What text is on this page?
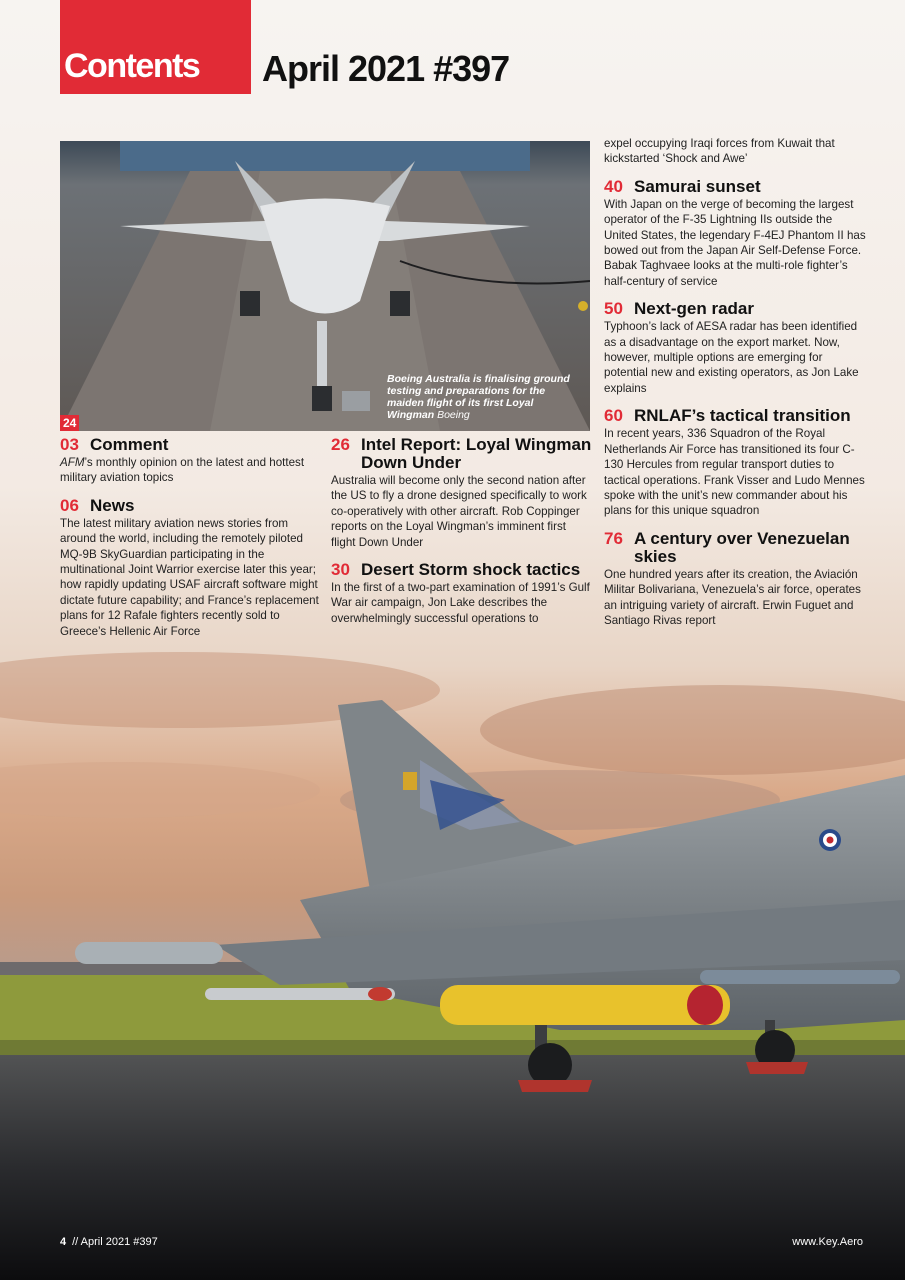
Contents April 2021 #397
Boeing Australia is finalising ground testing and preparations for the maiden flight of its first Loyal Wingman Boeing
24
03 Comment
AFM’s monthly opinion on the latest and hottest military aviation topics
06 News
The latest military aviation news stories from around the world, including the remotely piloted MQ-9B SkyGuardian participating in the multinational Joint Warrior exercise later this year; how rapidly updating USAF aircraft software might dictate future capability; and France’s replacement plans for 12 Rafale fighters recently sold to Greece’s Hellenic Air Force
26 Intel Report: Loyal Wingman Down Under
Australia will become only the second nation after the US to fly a drone designed specifically to work co-operatively with other aircraft. Rob Coppinger reports on the Loyal Wingman’s imminent first flight Down Under
30 Desert Storm shock tactics
In the first of a two-part examination of 1991’s Gulf War air campaign, Jon Lake describes the overwhelmingly successful operations to
expel occupying Iraqi forces from Kuwait that kickstarted ‘Shock and Awe’
40 Samurai sunset
With Japan on the verge of becoming the largest operator of the F-35 Lightning IIs outside the United States, the legendary F-4EJ Phantom II has bowed out from the Japan Air Self-Defense Force. Babak Taghvaee looks at the multi-role fighter’s half-century of service
50 Next-gen radar
Typhoon’s lack of AESA radar has been identified as a disadvantage on the export market. Now, however, multiple options are emerging for potential new and existing operators, as Jon Lake explains
60 RNLAF’s tactical transition
In recent years, 336 Squadron of the Royal Netherlands Air Force has transitioned its four C-130 Hercules from regular transport duties to tactical operations. Frank Visser and Ludo Mennes spoke with the unit’s new commander about his plans for this unique squadron
76 A century over Venezuelan skies
One hundred years after its creation, the Aviación Militar Bolivariana, Venezuela’s air force, operates an intriguing variety of aircraft. Erwin Fuguet and Santiago Rivas report
4 // April 2021 #397	www.Key.Aero
